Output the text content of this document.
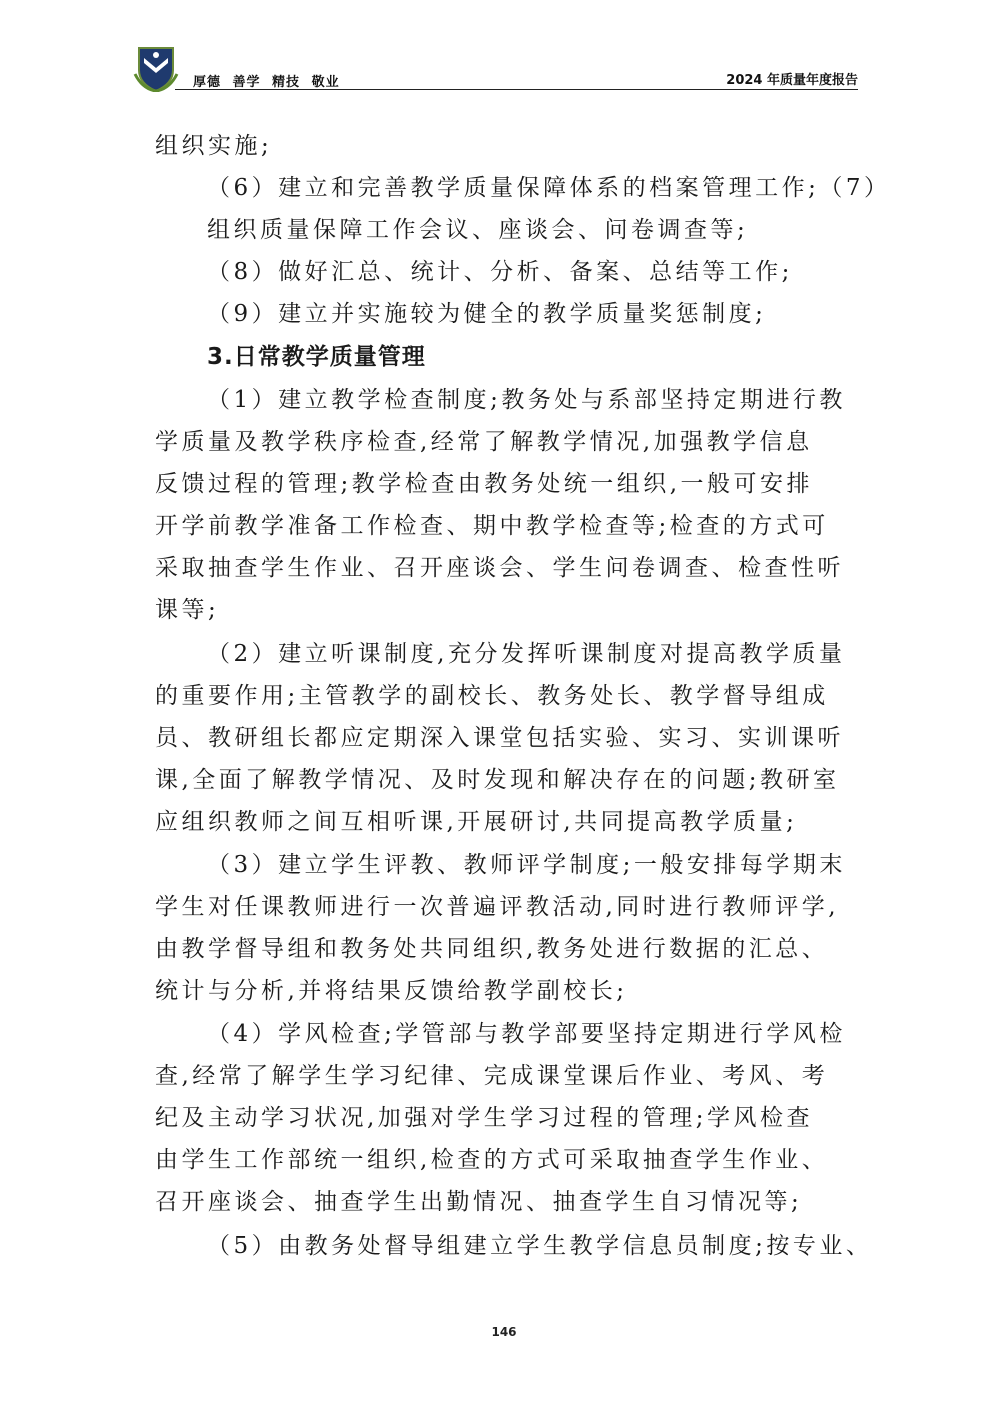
厚德 善学 精技 敬业	2024 年质量年度报告
组织实施;
（6）建立和完善教学质量保障体系的档案管理工作;（7）
组织质量保障工作会议、座谈会、问卷调查等;
（8）做好汇总、统计、分析、备案、总结等工作;
（9）建立并实施较为健全的教学质量奖惩制度;
3.日常教学质量管理
（1）建立教学检查制度;教务处与系部坚持定期进行教
学质量及教学秩序检查,经常了解教学情况,加强教学信息
反馈过程的管理;教学检查由教务处统一组织,一般可安排
开学前教学准备工作检查、期中教学检查等;检查的方式可
采取抽查学生作业、召开座谈会、学生问卷调查、检查性听
课等;
（2）建立听课制度,充分发挥听课制度对提高教学质量
的重要作用;主管教学的副校长、教务处长、教学督导组成
员、教研组长都应定期深入课堂包括实验、实习、实训课听
课,全面了解教学情况、及时发现和解决存在的问题;教研室
应组织教师之间互相听课,开展研讨,共同提高教学质量;
（3）建立学生评教、教师评学制度;一般安排每学期末
学生对任课教师进行一次普遍评教活动,同时进行教师评学,
由教学督导组和教务处共同组织,教务处进行数据的汇总、
统计与分析,并将结果反馈给教学副校长;
（4）学风检查;学管部与教学部要坚持定期进行学风检
查,经常了解学生学习纪律、完成课堂课后作业、考风、考
纪及主动学习状况,加强对学生学习过程的管理;学风检查
由学生工作部统一组织,检查的方式可采取抽查学生作业、
召开座谈会、抽查学生出勤情况、抽查学生自习情况等;
（5）由教务处督导组建立学生教学信息员制度;按专业、
146
